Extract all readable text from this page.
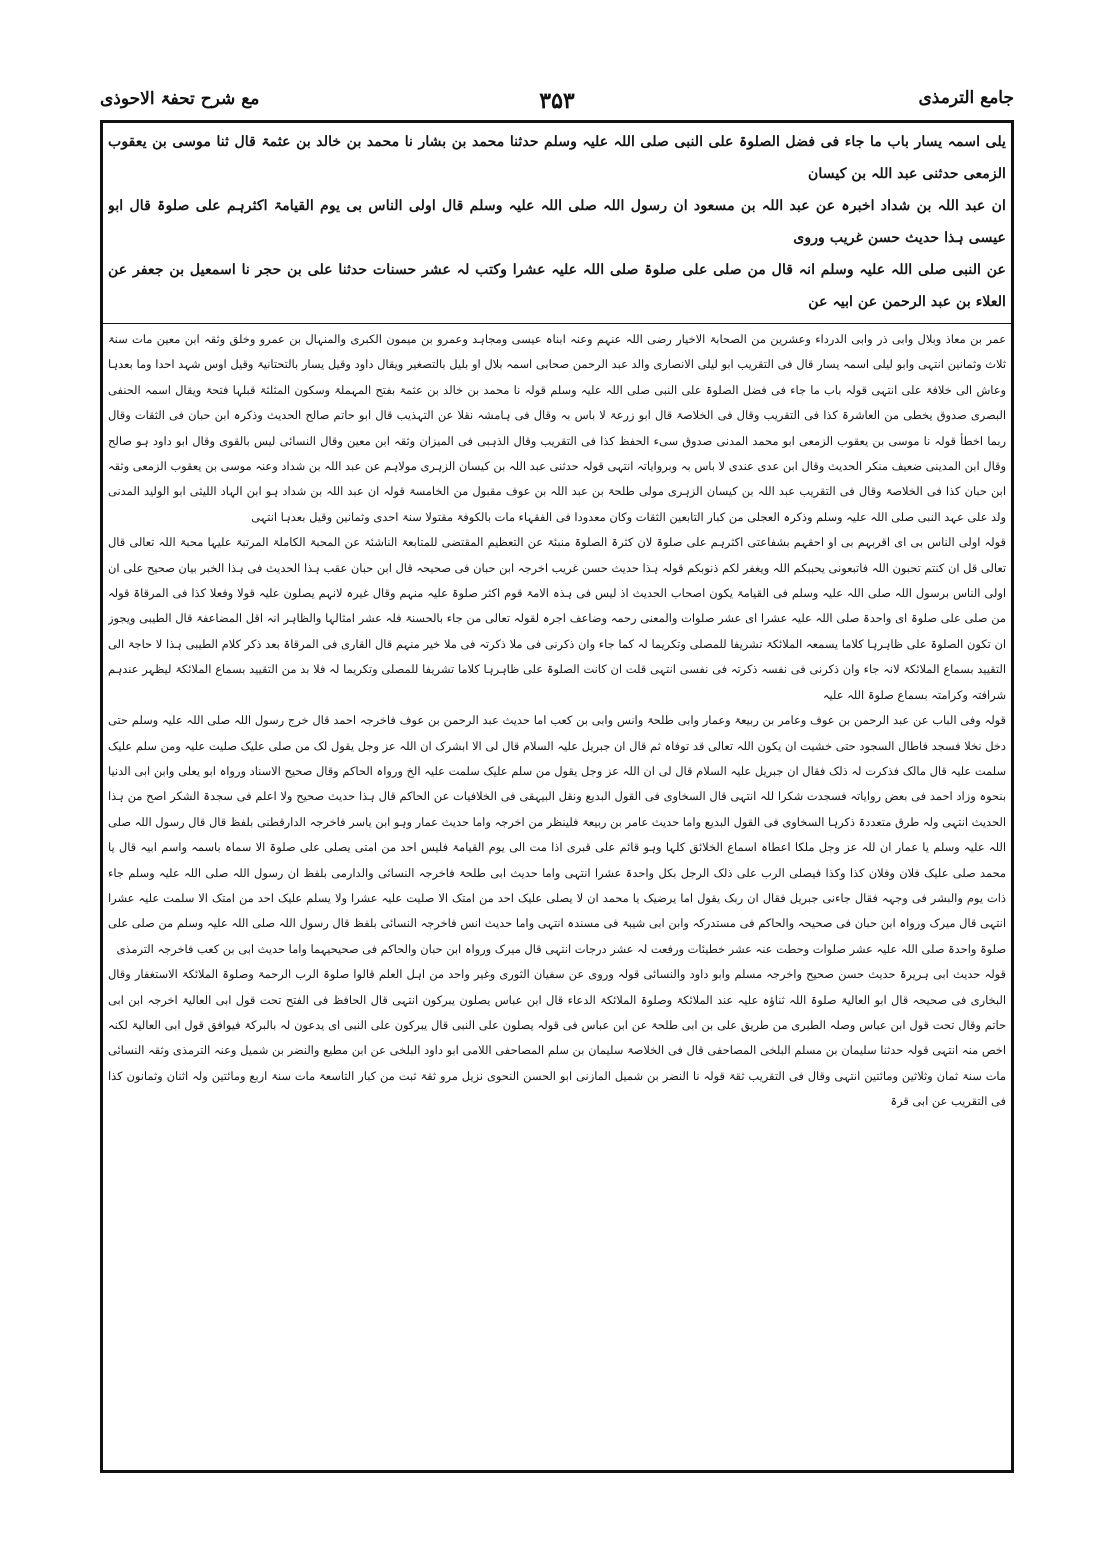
جامع الترمذی
۳۵۳
مع شرح تحفۃ الاحوذی

یلی اسمہ یسار باب ما جاء فی فضل الصلوۃ علی النبی صلی اللہ علیہ وسلم حدثنا محمد بن بشار نا محمد بن خالد بن عثمۃ قال ثنا موسی بن یعقوب الزمعی حدثنی عبد اللہ بن کیسان

ان عبد اللہ بن شداد اخبرہ عن عبد اللہ بن مسعود ان رسول اللہ صلی اللہ علیہ وسلم قال اولی الناس بی یوم القیامۃ اکثرہم علی صلوۃ قال ابو عیسی ہذا حدیث حسن غریب وروی

عن النبی صلی اللہ علیہ وسلم انہ قال من صلی علی صلوۃ صلی اللہ علیہ عشرا وکتب لہ عشر حسنات حدثنا علی بن حجر نا اسمعیل بن جعفر عن العلاء بن عبد الرحمن عن ابیہ عن

عمر بن معاذ وبلال وابی ذر وابی الدرداء وعشرین من الصحابۃ الاخیار رضی اللہ عنہم وعنہ ابناہ عیسی ومجاہد وعمرو بن میمون الکبری والمنہال بن عمرو وخلق وثقہ ابن معین مات سنۃ ثلاث وثمانین انتہی وابو لیلی اسمہ یسار قال فی التقریب ابو لیلی الانصاری والد عبد الرحمن صحابی اسمہ بلال او بلیل بالتصغیر ویقال داود وقیل یسار بالتحتانیۃ وقیل اوس شہد احدا وما بعدہا وعاش الی خلافۃ علی انتہی قولہ باب ما جاء فی فضل الصلوۃ علی النبی صلی اللہ علیہ وسلم قولہ نا محمد بن خالد بن عثمۃ بفتح المہملۃ وسکون المثلثۃ قبلہا فتحۃ ویقال اسمہ الحنفی البصری صدوق یخطی من العاشرۃ کذا فی التقریب وقال فی الخلاصۃ قال ابو زرعۃ لا باس بہ وقال فی ہامشہ نقلا عن التہذیب قال ابو حاتم صالح الحدیث وذکرہ ابن حبان فی الثقات وقال ربما اخطأ قولہ نا موسی بن یعقوب الزمعی ابو محمد المدنی صدوق سیء الحفظ کذا فی التقریب وقال الذہبی فی المیزان وثقہ ابن معین وقال النسائی لیس بالقوی وقال ابو داود ہو صالح وقال ابن المدینی ضعیف منکر الحدیث وقال ابن عدی عندی لا باس بہ وبروایاتہ انتہی قولہ حدثنی عبد اللہ بن کیسان الزہری مولاہم عن عبد اللہ بن شداد وعنہ موسی بن یعقوب الزمعی وثقہ ابن حبان کذا فی الخلاصۃ وقال فی التقریب عبد اللہ بن کیسان الزہری مولی طلحۃ بن عبد اللہ بن عوف مقبول من الخامسۃ قولہ ان عبد اللہ بن شداد ہو ابن الہاد اللیثی ابو الولید المدنی ولد علی عہد النبی صلی اللہ علیہ وسلم وذکرہ العجلی من کبار التابعین الثقات وکان معدودا فی الفقہاء مات بالکوفۃ مقتولا سنۃ احدی وثمانین وقیل بعدہا انتہی

قولہ اولی الناس بی ای اقربہم بی او احقہم بشفاعتی اکثرہم علی صلوۃ لان کثرۃ الصلوۃ منبئۃ عن التعظیم المقتضی للمتابعۃ الناشئۃ عن المحبۃ الکاملۃ المرتبۃ علیہا محبۃ اللہ تعالی قال تعالی قل ان کنتم تحبون اللہ فاتبعونی یحببکم اللہ ویغفر لکم ذنوبکم قولہ ہذا حدیث حسن غریب اخرجہ ابن حبان فی صحیحہ قال ابن حبان عقب ہذا الحدیث فی ہذا الخبر بیان صحیح علی ان اولی الناس برسول اللہ صلی اللہ علیہ وسلم فی القیامۃ یکون اصحاب الحدیث اذ لیس فی ہذہ الامۃ قوم اکثر صلوۃ علیہ منہم وقال غیرہ لانہم یصلون علیہ قولا وفعلا کذا فی المرقاۃ قولہ من صلی علی صلوۃ ای واحدۃ صلی اللہ علیہ عشرا ای عشر صلوات والمعنی رحمہ وضاعف اجرہ لقولہ تعالی من جاء بالحسنۃ فلہ عشر امثالہا والظاہر انہ اقل المضاعفۃ قال الطیبی ویجوز ان تکون الصلوۃ علی ظاہرہا کلاما یسمعہ الملائکۃ تشریفا للمصلی وتکریما لہ کما جاء وان ذکرنی فی ملا ذکرتہ فی ملا خیر منہم قال القاری فی المرقاۃ بعد ذکر کلام الطیبی ہذا لا حاجۃ الی التقیید بسماع الملائکۃ لانہ جاء وان ذکرنی فی نفسہ ذکرتہ فی نفسی انتہی قلت ان کانت الصلوۃ علی ظاہرہا کلاما تشریفا للمصلی وتکریما لہ فلا بد من التقیید بسماع الملائکۃ لیظہر عندہم شرافتہ وکرامتہ بسماع صلوۃ اللہ علیہ

قولہ وفی الباب عن عبد الرحمن بن عوف وعامر بن ربیعۃ وعمار وابی طلحۃ وانس وابی بن کعب اما حدیث عبد الرحمن بن عوف فاخرجہ احمد قال خرج رسول اللہ صلی اللہ علیہ وسلم حتی دخل نخلا فسجد فاطال السجود حتی خشیت ان یکون اللہ تعالی قد توفاہ ثم قال ان جبریل علیہ السلام قال لی الا ابشرک ان اللہ عز وجل یقول لک من صلی علیک صلیت علیہ ومن سلم علیک سلمت علیہ قال مالک فذکرت لہ ذلک فقال ان جبریل علیہ السلام قال لی ان اللہ عز وجل یقول من سلم علیک سلمت علیہ الخ ورواہ الحاکم وقال صحیح الاسناد ورواہ ابو یعلی وابن ابی الدنیا بنحوہ وزاد احمد فی بعض روایاتہ فسجدت شکرا للہ انتہی قال السخاوی فی القول البدیع ونقل البیہقی فی الخلافیات عن الحاکم قال ہذا حدیث صحیح ولا اعلم فی سجدۃ الشکر اصح من ہذا الحدیث انتہی ولہ طرق متعددۃ ذکرہا السخاوی فی القول البدیع واما حدیث عامر بن ربیعۃ فلینظر من اخرجہ واما حدیث عمار وہو ابن یاسر فاخرجہ الدارقطنی بلفظ قال قال رسول اللہ صلی اللہ علیہ وسلم یا عمار ان للہ عز وجل ملکا اعطاہ اسماع الخلائق کلہا وہو قائم علی قبری اذا مت الی یوم القیامۃ فلیس احد من امتی یصلی علی صلوۃ الا سماہ باسمہ واسم ابیہ قال یا محمد صلی علیک فلان وفلان کذا وکذا فیصلی الرب علی ذلک الرجل بکل واحدۃ عشرا انتہی واما حدیث ابی طلحۃ فاخرجہ النسائی والدارمی بلفظ ان رسول اللہ صلی اللہ علیہ وسلم جاء ذات یوم والبشر فی وجہہ فقال جاءنی جبریل فقال ان ربک یقول اما یرضیک یا محمد ان لا یصلی علیک احد من امتک الا صلیت علیہ عشرا ولا یسلم علیک احد من امتک الا سلمت علیہ عشرا انتہی قال میرک ورواہ ابن حبان فی صحیحہ والحاکم فی مستدرکہ وابن ابی شیبۃ فی مسندہ انتہی واما حدیث انس فاخرجہ النسائی بلفظ قال رسول اللہ صلی اللہ علیہ وسلم من صلی علی صلوۃ واحدۃ صلی اللہ علیہ عشر صلوات وحطت عنہ عشر خطیئات ورفعت لہ عشر درجات انتہی قال میرک ورواہ ابن حبان والحاکم فی صحیحیہما واما حدیث ابی بن کعب فاخرجہ الترمذی

قولہ حدیث ابی ہریرۃ حدیث حسن صحیح واخرجہ مسلم وابو داود والنسائی قولہ وروی عن سفیان الثوری وغیر واحد من اہل العلم قالوا صلوۃ الرب الرحمۃ وصلوۃ الملائکۃ الاستغفار وقال البخاری فی صحیحہ قال ابو العالیۃ صلوۃ اللہ ثناؤہ علیہ عند الملائکۃ وصلوۃ الملائکۃ الدعاء قال ابن عباس یصلون یبرکون انتہی قال الحافظ فی الفتح تحت قول ابی العالیۃ اخرجہ ابن ابی حاتم وقال تحت قول ابن عباس وصلہ الطبری من طریق علی بن ابی طلحۃ عن ابن عباس فی قولہ یصلون علی النبی قال یبرکون علی النبی ای یدعون لہ بالبرکۃ فیوافق قول ابی العالیۃ لکنہ اخص منہ انتہی قولہ حدثنا سلیمان بن مسلم البلخی المصاحفی قال فی الخلاصۃ سلیمان بن سلم المصاحفی اللامی ابو داود البلخی عن ابن مطیع والنضر بن شمیل وعنہ الترمذی وثقہ النسائی مات سنۃ ثمان وثلاثین ومائتین انتہی وقال فی التقریب ثقۃ قولہ نا النضر بن شمیل المازنی ابو الحسن النحوی نزیل مرو ثقۃ ثبت من کبار التاسعۃ مات سنۃ اربع ومائتین ولہ اثنان وثمانون کذا فی التقریب عن ابی قرۃ
